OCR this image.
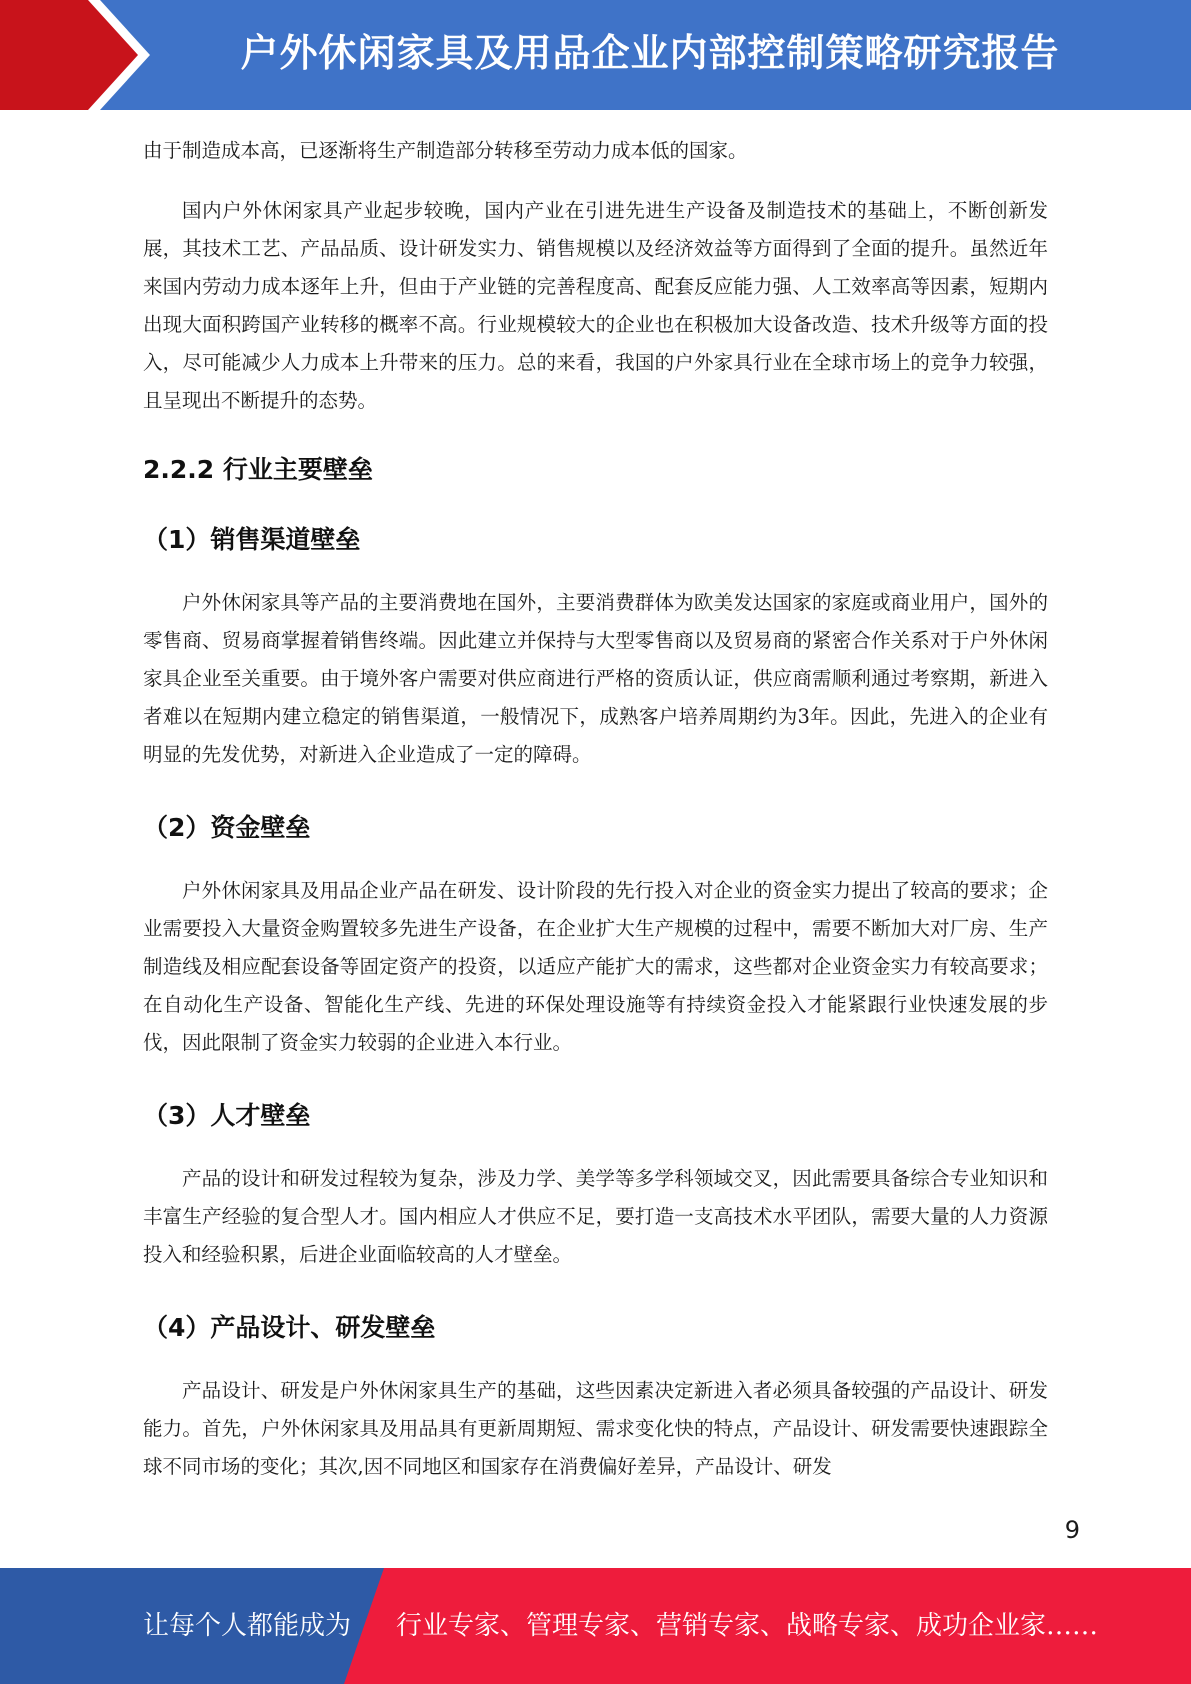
户外休闲家具及用品企业内部控制策略研究报告

由于制造成本高，已逐渐将生产制造部分转移至劳动力成本低的国家。

国内户外休闲家具产业起步较晚，国内产业在引进先进生产设备及制造技术的基础上，不断创新发展，其技术工艺、产品品质、设计研发实力、销售规模以及经济效益等方面得到了全面的提升。虽然近年来国内劳动力成本逐年上升，但由于产业链的完善程度高、配套反应能力强、人工效率高等因素，短期内出现大面积跨国产业转移的概率不高。行业规模较大的企业也在积极加大设备改造、技术升级等方面的投入，尽可能减少人力成本上升带来的压力。总的来看，我国的户外家具行业在全球市场上的竞争力较强，且呈现出不断提升的态势。

2.2.2 行业主要壁垒
（1）销售渠道壁垒

户外休闲家具等产品的主要消费地在国外，主要消费群体为欧美发达国家的家庭或商业用户，国外的零售商、贸易商掌握着销售终端。因此建立并保持与大型零售商以及贸易商的紧密合作关系对于户外休闲家具企业至关重要。由于境外客户需要对供应商进行严格的资质认证，供应商需顺利通过考察期，新进入者难以在短期内建立稳定的销售渠道，一般情况下，成熟客户培养周期约为3年。因此，先进入的企业有明显的先发优势，对新进入企业造成了一定的障碍。

（2）资金壁垒

户外休闲家具及用品企业产品在研发、设计阶段的先行投入对企业的资金实力提出了较高的要求；企业需要投入大量资金购置较多先进生产设备，在企业扩大生产规模的过程中，需要不断加大对厂房、生产制造线及相应配套设备等固定资产的投资，以适应产能扩大的需求，这些都对企业资金实力有较高要求；在自动化生产设备、智能化生产线、先进的环保处理设施等有持续资金投入才能紧跟行业快速发展的步伐，因此限制了资金实力较弱的企业进入本行业。

（3）人才壁垒

产品的设计和研发过程较为复杂，涉及力学、美学等多学科领域交叉，因此需要具备综合专业知识和丰富生产经验的复合型人才。国内相应人才供应不足，要打造一支高技术水平团队，需要大量的人力资源投入和经验积累，后进企业面临较高的人才壁垒。

（4）产品设计、研发壁垒

产品设计、研发是户外休闲家具生产的基础，这些因素决定新进入者必须具备较强的产品设计、研发能力。首先，户外休闲家具及用品具有更新周期短、需求变化快的特点，产品设计、研发需要快速跟踪全球不同市场的变化；其次,因不同地区和国家存在消费偏好差异，产品设计、研发

9
让每个人都能成为 行业专家、管理专家、营销专家、战略专家、成功企业家……
